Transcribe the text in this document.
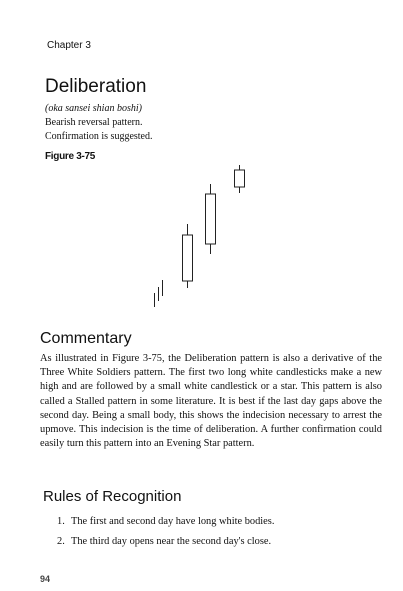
Chapter 3
Deliberation
(oka sansei shian boshi)
Bearish reversal pattern.
Confirmation is suggested.
Figure 3-75
Commentary

As illustrated in Figure 3-75, the Deliberation pattern is also a derivative of the Three White Soldiers pattern. The first two long white candlesticks make a new high and are followed by a small white candlestick or a star. This pattern is also called a Stalled pattern in some literature. It is best if the last day gaps above the second day. Being a small body, this shows the indecision necessary to arrest the upmove. This indecision is the time of deliberation. A further confirmation could easily turn this pattern into an Evening Star pattern.

Rules of Recognition
1. The first and second day have long white bodies.
2. The third day opens near the second day's close.
94
